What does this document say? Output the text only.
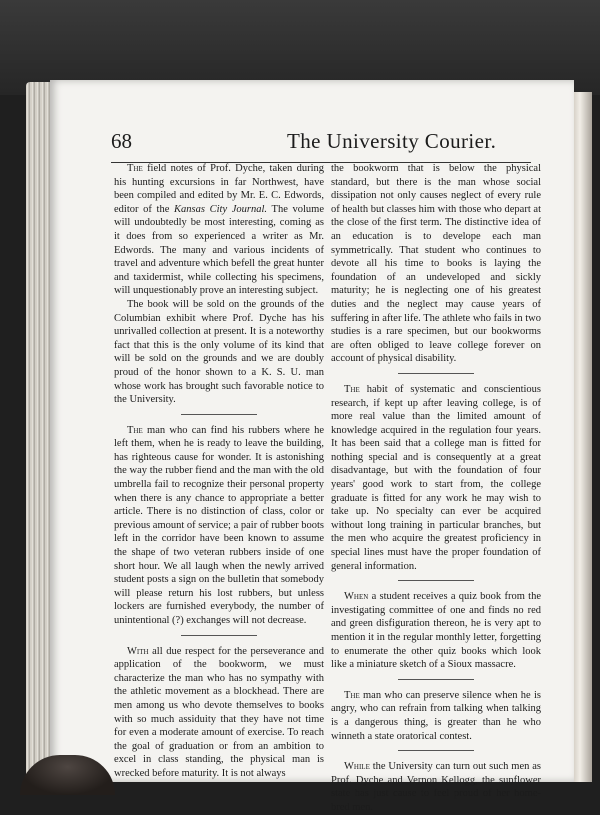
68	The University Courier.

The field notes of Prof. Dyche, taken during his hunting excursions in far Northwest, have been compiled and edited by Mr. E. C. Edwords, editor of the Kansas City Journal. The volume will undoubtedly be most interesting, coming as it does from so experienced a writer as Mr. Edwords. The many and various incidents of travel and adventure which befell the great hunter and taxidermist, while collecting his specimens, will unquestionably prove an interesting subject.

The book will be sold on the grounds of the Columbian exhibit where Prof. Dyche has his unrivalled collection at present. It is a noteworthy fact that this is the only volume of its kind that will be sold on the grounds and we are doubly proud of the honor shown to a K. S. U. man whose work has brought such favorable notice to the University.

The man who can find his rubbers where he left them, when he is ready to leave the building, has righteous cause for wonder. It is astonishing the way the rubber fiend and the man with the old umbrella fail to recognize their personal property when there is any chance to appropriate a better article. There is no distinction of class, color or previous amount of service; a pair of rubber boots left in the corridor have been known to assume the shape of two veteran rubbers inside of one short hour. We all laugh when the newly arrived student posts a sign on the bulletin that somebody will please return his lost rubbers, but unless lockers are furnished everybody, the number of unintentional (?) exchanges will not decrease.

With all due respect for the perseverance and application of the bookworm, we must characterize the man who has no sympathy with the athletic movement as a blockhead. There are men among us who devote themselves to books with so much assiduity that they have not time for even a moderate amount of exercise. To reach the goal of graduation or from an ambition to excel in class standing, the physical man is wrecked before maturity. It is not always

the bookworm that is below the physical standard, but there is the man whose social dissipation not only causes neglect of every rule of health but classes him with those who depart at the close of the first term. The distinctive idea of an education is to develope each man symmetrically. That student who continues to devote all his time to books is laying the foundation of an undeveloped and sickly maturity; he is neglecting one of his greatest duties and the neglect may cause years of suffering in after life. The athlete who fails in two studies is a rare specimen, but our bookworms are often obliged to leave college forever on account of physical disability.

The habit of systematic and conscientious research, if kept up after leaving college, is of more real value than the limited amount of knowledge acquired in the regulation four years. It has been said that a college man is fitted for nothing special and is consequently at a great disadvantage, but with the foundation of four years' good work to start from, the college graduate is fitted for any work he may wish to take up. No specialty can ever be acquired without long training in particular branches, but the men who acquire the greatest proficiency in special lines must have the proper foundation of general information.

When a student receives a quiz book from the investigating committee of one and finds no red and green disfiguration thereon, he is very apt to mention it in the regular monthly letter, forgetting to enumerate the other quiz books which look like a miniature sketch of a Sioux massacre.

The man who can preserve silence when he is angry, who can refrain from talking when talking is a dangerous thing, is greater than he who winneth a state oratorical contest.

While the University can turn out such men as Prof. Dyche and Vernon Kellogg, the sunflower state has just cause to feel proud of her home-bred men.
